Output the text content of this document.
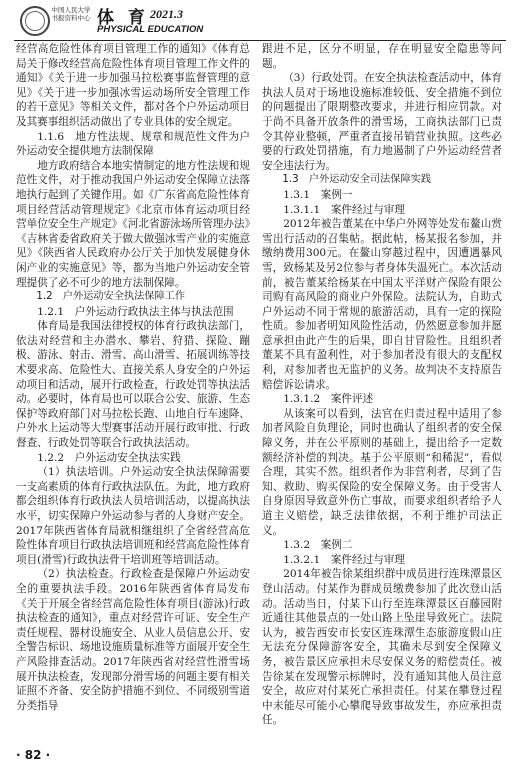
中国人民大学书报资料中心 体 育 2021.3
PHYSICAL EDUCATION

经营高危险性体育项目管理工作的通知》《体育总局关于修改经营高危险性体育项目管理工作文件的通知》《关于进一步加强马拉松赛事监督管理的意见》《关于进一步加强冰雪运动场所安全管理工作的若干意见》等相关文件，都对各个户外运动项目及其赛事组织活动做出了专业具体的安全规定。

1.1.6　地方性法规、规章和规范性文件为户外运动安全提供地方法制保障

地方政府结合本地实情制定的地方性法规和规范性文件，对于推动我国户外运动安全保障立法落地执行起到了关键作用。如《广东省高危险性体育项目经营活动管理规定》《北京市体育运动项目经营单位安全生产规定》《河北省游泳场所管理办法》《吉林省委省政府关于做大做强冰雪产业的实施意见》《陕西省人民政府办公厅关于加快发展健身休闲产业的实施意见》等，都为当地户外运动安全管理提供了必不可少的地方法制保障。

1.2　户外运动安全执法保障工作

1.2.1　户外运动行政执法主体与执法范围

体育局是我国法律授权的体育行政执法部门，依法对经营和主办潜水、攀岩、狩猎、探险、蹦极、游泳、射击、滑雪、高山滑雪、拓展训练等技术要求高、危险性大、直接关系人身安全的户外运动项目和活动，展开行政检查，行政处罚等执法活动。必要时，体育局也可以联合公安、旅游、生态保护等政府部门对马拉松长跑、山地自行车速降、户外水上运动等大型赛事活动开展行政审批、行政督查、行政处罚等联合行政执法活动。

1.2.2　户外运动安全执法实践

（1）执法培训。户外运动安全执法保障需要一支高素质的体育行政执法队伍。为此，地方政府都会组织体育行政执法人员培训活动，以提高执法水平，切实保障户外运动参与者的人身财产安全。2017年陕西省体育局就相继组织了全省经营高危险性体育项目行政执法培训班和经营高危险性体育项目(滑雪)行政执法骨干培训班等培训活动。

（2）执法检查。行政检查是保障户外运动安全的重要执法手段。2016年陕西省体育局发布《关于开展全省经营高危险性体育项目(游泳)行政执法检查的通知》，重点对经营许可证、安全生产责任规程、器材设施安全、从业人员信息公开、安全警告标识、场地设施质量标准等方面展开安全生产风险排查活动。2017年陕西省对经营性滑雪场展开执法检查，发现部分滑雪场的问题主要有相关证照不齐备、安全防护措施不到位、不同级别雪道分类指导

跟进不足，区分不明显，存在明显安全隐患等问题。

（3）行政处罚。在安全执法检查活动中，体育执法人员对于场地设施标准较低、安全措施不到位的问题提出了限期整改要求，并进行相应罚款。对于尚不具备开放条件的滑雪场，工商执法部门已责令其停业整顿，严重者直接吊销营业执照。这些必要的行政处罚措施，有力地遏制了户外运动经营者安全违法行为。

1.3　户外运动安全司法保障实践

1.3.1　案例一

1.3.1.1　案件经过与审理

2012年被告董某在中华户外网等处发布鳌山赏雪出行活动的召集帖。据此帖，杨某报名参加，并缴纳费用300元。在鳌山穿越过程中，因遭遇暴风雪，致杨某及另2位参与者身体失温死亡。本次活动前，被告董某给杨某在中国太平洋财产保险有限公司购有高风险的商业户外保险。法院认为，自助式户外运动不同于常规的旅游活动，具有一定的探险性质。参加者明知风险性活动，仍然愿意参加并愿意承担由此产生的后果，即自甘冒险性。且组织者董某不具有盈利性，对于参加者没有很大的支配权利，对参加者也无监护的义务。故判决不支持原告赔偿诉讼请求。

1.3.1.2　案件评述

从该案可以看到，法官在归责过程中适用了参加者风险自负理论，同时也确认了组织者的安全保障义务，并在公平原则的基础上，提出给予一定数额经济补偿的判决。基于公平原则“和稀泥”，看似合理，其实不然。组织者作为非营利者，尽到了告知、救助、购买保险的安全保障义务。由于受害人自身原因导致意外伤亡事故，而要求组织者给予人道主义赔偿，缺乏法律依据，不利于维护司法正义。

1.3.2　案例二

1.3.2.1　案件经过与审理

2014年被告徐某组织群中成员进行连珠潭景区登山活动。付某作为群成员缴费参加了此次登山活动。活动当日，付某下山行至连珠潭景区百藤园附近通往其他景点的一处山路上坠崖导致死亡。法院认为，被告西安市长安区连珠潭生态旅游度假山庄无法充分保障游客安全，其确未尽到安全保障义务，被告景区应承担未尽安保义务的赔偿责任。被告徐某在发现警示标牌时，没有通知其他人员注意安全，故应对付某死亡承担责任。付某在攀登过程中未能尽可能小心攀爬导致事故发生，亦应承担责任。

· 82 ·
